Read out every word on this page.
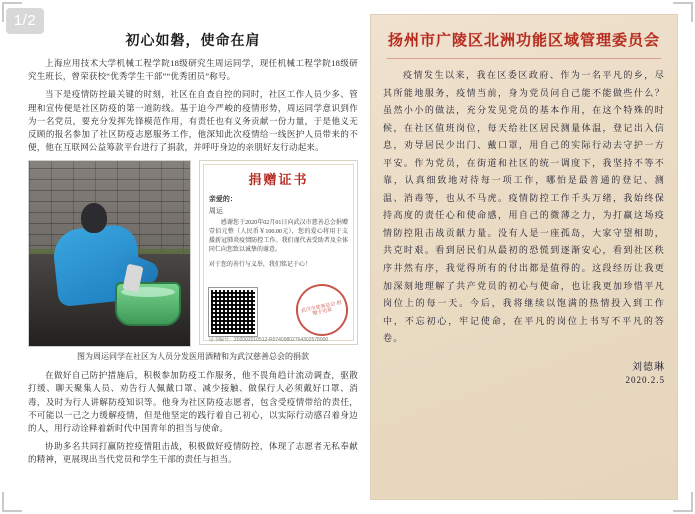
1/2
初心如磐，使命在肩

上海应用技术大学机械工程学院18级研究生周运同学，现任机械工程学院18级研究生班长，曾荣获校“优秀学生干部”“优秀团员”称号。

当下是疫情防控最关键的时刻，社区在自查自控的同时，社区工作人员少多、管理和宣传便是社区防疫的第一道防线。基于迫今严峻的疫情形势，周运同学意识到作为一名党员，要充分发挥先锋模范作用，有责任也有义务贡献一份力量，于是他义无反顾的报名参加了社区防疫志愿服务工作，他深知此次疫情给一线医护人员带来的不便，他在互联网公益筹款平台进行了捐款，并呼吁身边的亲朋好友行动起来。

捐赠证书
亲爱的：
周运
感谢您于2020年02月01日向武汉市慈善总会捐赠壹佰元整（人民币￥100.00元），您的爱心将用于支援新冠肺炎疫情防控工作。我们谨代表受助者及全体同仁向您致以诚挚的谢意。
对于您的善行与义举，我们铭记于心！
武汉市慈善总会 捐赠专用章
证书编号：202002010512-R07409802764302578900
图为周运同学在社区为人员分发医用酒精和为武汉慈善总会的捐款

在做好自己防护措施后，积极参加防疫工作服务，他不畏角趋计流动调查，驱散打缓、聊天聚集人员、劝告行人佩戴口罩、减少接触、做保行人必须戴好口罩、消毒，及时为行人讲解防疫知识等。他身为社区防疫志愿者，包含受疫情带给的责任，不可能以一己之力缓解疫情，但是他坚定的践行着自己初心，以实际行动感召着身边的人，用行动诠释着新时代中国青年的担当与使命。

协助多名共同打赢防控疫情阻击战，积极做好疫情防控，体现了志愿者无私奉献的精神，更展现出当代党员和学生干部的责任与担当。

扬州市广陵区北洲功能区域管理委员会
疫情发生以来，我在区委区政府、作为一名平凡的乡，尽其所能地服务，疫情当前，身为党员问自己能不能做些什么？虽然小小的做法，充分发见党员的基本作用，在这个特殊的时候，在社区值班岗位，每天给社区居民测量体温，登记出入信息，劝导居民少出门、戴口罩，用自己的实际行动去守护一方平安。作为党员，在街道和社区的统一调度下，我坚持不等不靠，认真细致地对待每一项工作，哪怕是最普通的登记、测温、消毒等，也从不马虎。疫情防控工作千头万绪，我始终保持高度的责任心和使命感，用自己的微薄之力，为打赢这场疫情防控阻击战贡献力量。没有人是一座孤岛，大家守望相助，共克时艰。看到居民们从最初的恐慌到逐渐安心，看到社区秩序井然有序，我觉得所有的付出都是值得的。这段经历让我更加深刻地理解了共产党员的初心与使命，也让我更加珍惜平凡岗位上的每一天。今后，我将继续以饱满的热情投入到工作中，不忘初心，牢记使命，在平凡的岗位上书写不平凡的答卷。
刘德琳
2020.2.5
